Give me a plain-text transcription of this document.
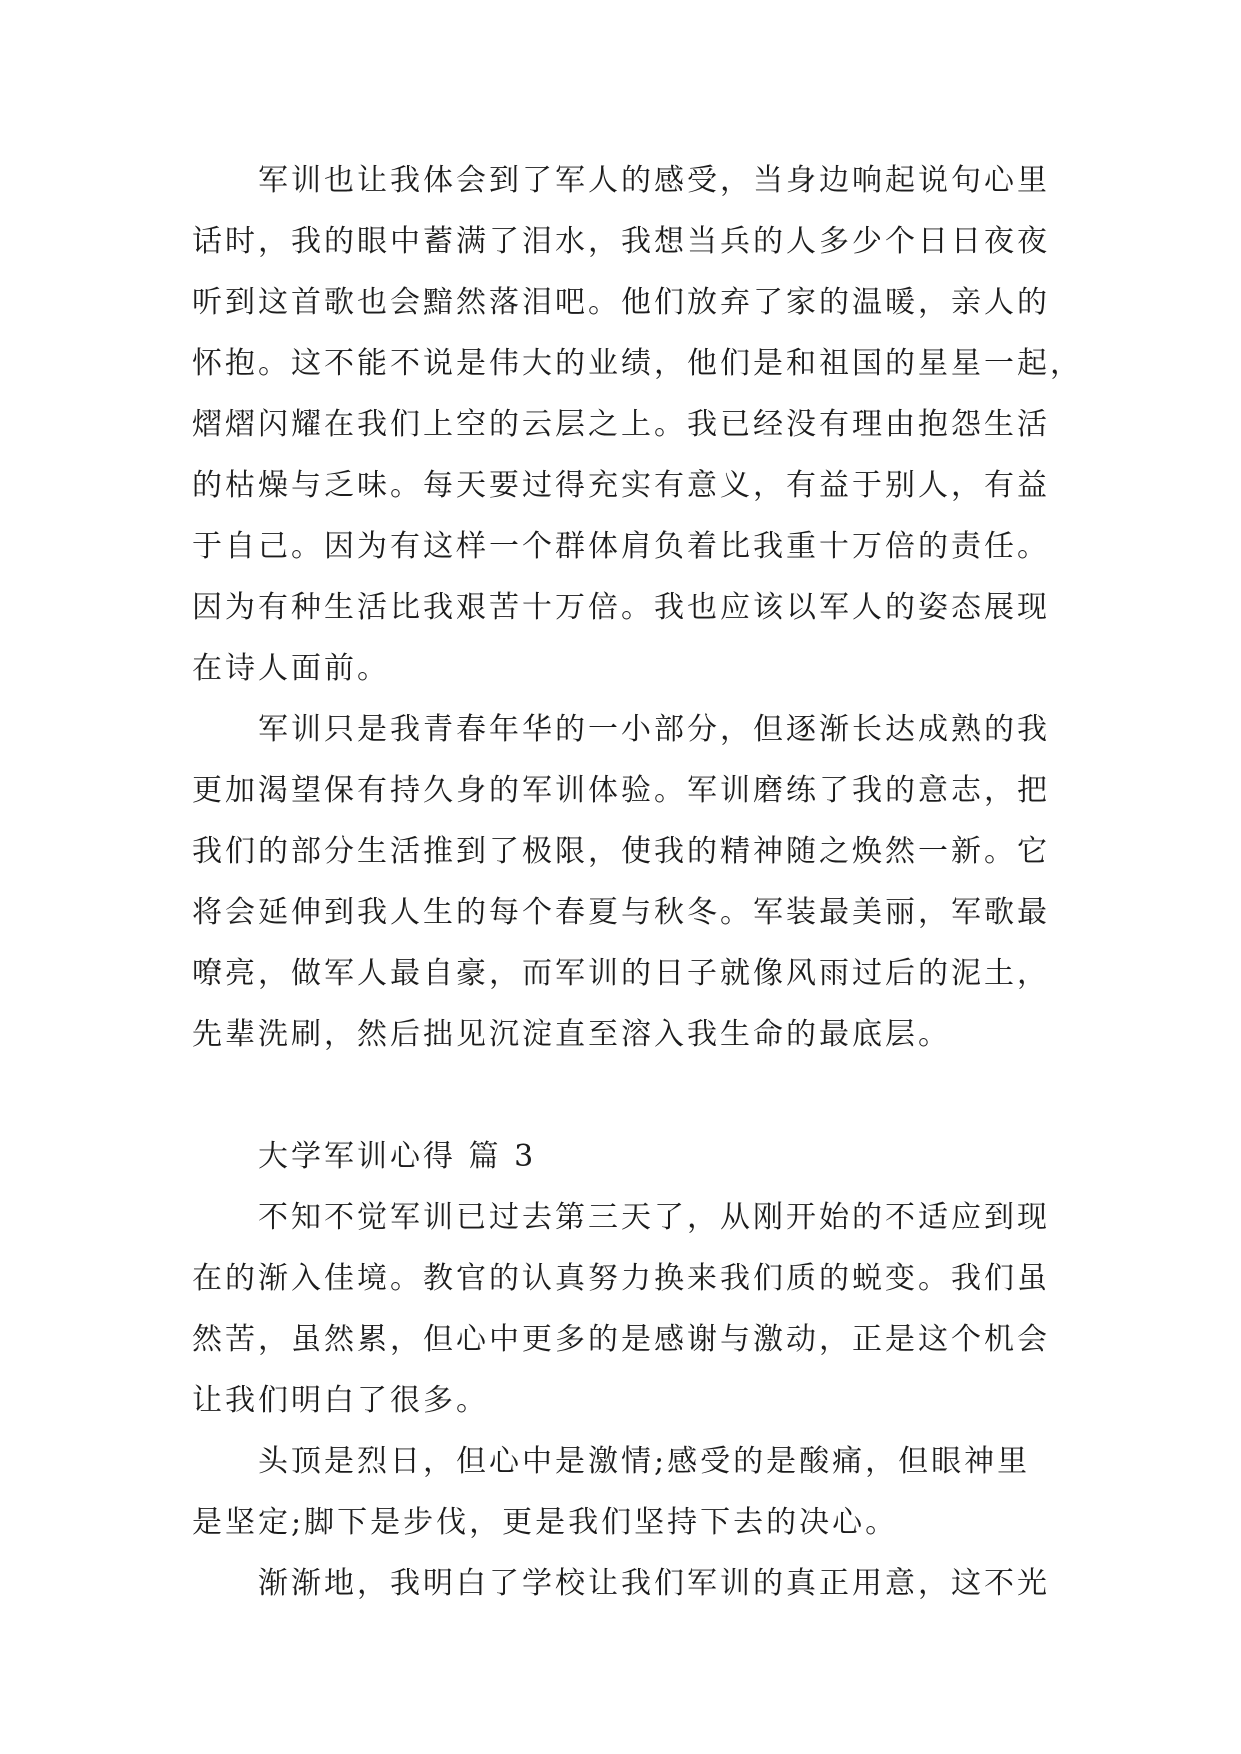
军训也让我体会到了军人的感受，当身边响起说句心里
话时，我的眼中蓄满了泪水，我想当兵的人多少个日日夜夜
听到这首歌也会黯然落泪吧。他们放弃了家的温暖，亲人的
怀抱。这不能不说是伟大的业绩，他们是和祖国的星星一起，
熠熠闪耀在我们上空的云层之上。我已经没有理由抱怨生活
的枯燥与乏味。每天要过得充实有意义，有益于别人，有益
于自己。因为有这样一个群体肩负着比我重十万倍的责任。
因为有种生活比我艰苦十万倍。我也应该以军人的姿态展现
在诗人面前。
军训只是我青春年华的一小部分，但逐渐长达成熟的我
更加渴望保有持久身的军训体验。军训磨练了我的意志，把
我们的部分生活推到了极限，使我的精神随之焕然一新。它
将会延伸到我人生的每个春夏与秋冬。军装最美丽，军歌最
嘹亮，做军人最自豪，而军训的日子就像风雨过后的泥土，
先辈洗刷，然后拙见沉淀直至溶入我生命的最底层。
大学军训心得 篇 3
不知不觉军训已过去第三天了，从刚开始的不适应到现
在的渐入佳境。教官的认真努力换来我们质的蜕变。我们虽
然苦，虽然累，但心中更多的是感谢与激动，正是这个机会
让我们明白了很多。
头顶是烈日，但心中是激情;感受的是酸痛，但眼神里
是坚定;脚下是步伐，更是我们坚持下去的决心。
渐渐地，我明白了学校让我们军训的真正用意，这不光
